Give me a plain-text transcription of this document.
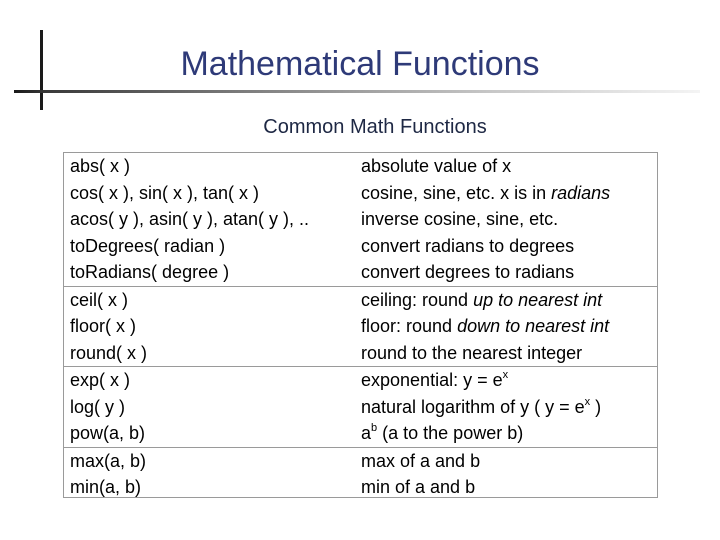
Mathematical Functions
Common Math Functions
abs( x )	absolute value of x
cos( x ), sin( x ), tan( x )	cosine, sine, etc. x is in radians
acos( y ), asin( y ), atan( y ), ..	inverse cosine, sine, etc.
toDegrees( radian )	convert radians to degrees
toRadians( degree )	convert degrees to radians
ceil( x )	ceiling: round up to nearest int
floor( x )	floor: round down to nearest int
round( x )	round to the nearest integer
exp( x )	exponential: $y = e^x$
log( y )	natural logarithm of y ( $y = e^x$ )
pow(a, b)	$a^b$ (a to the power b)
max(a, b)	max of a and b
min(a, b)	min of a and b
